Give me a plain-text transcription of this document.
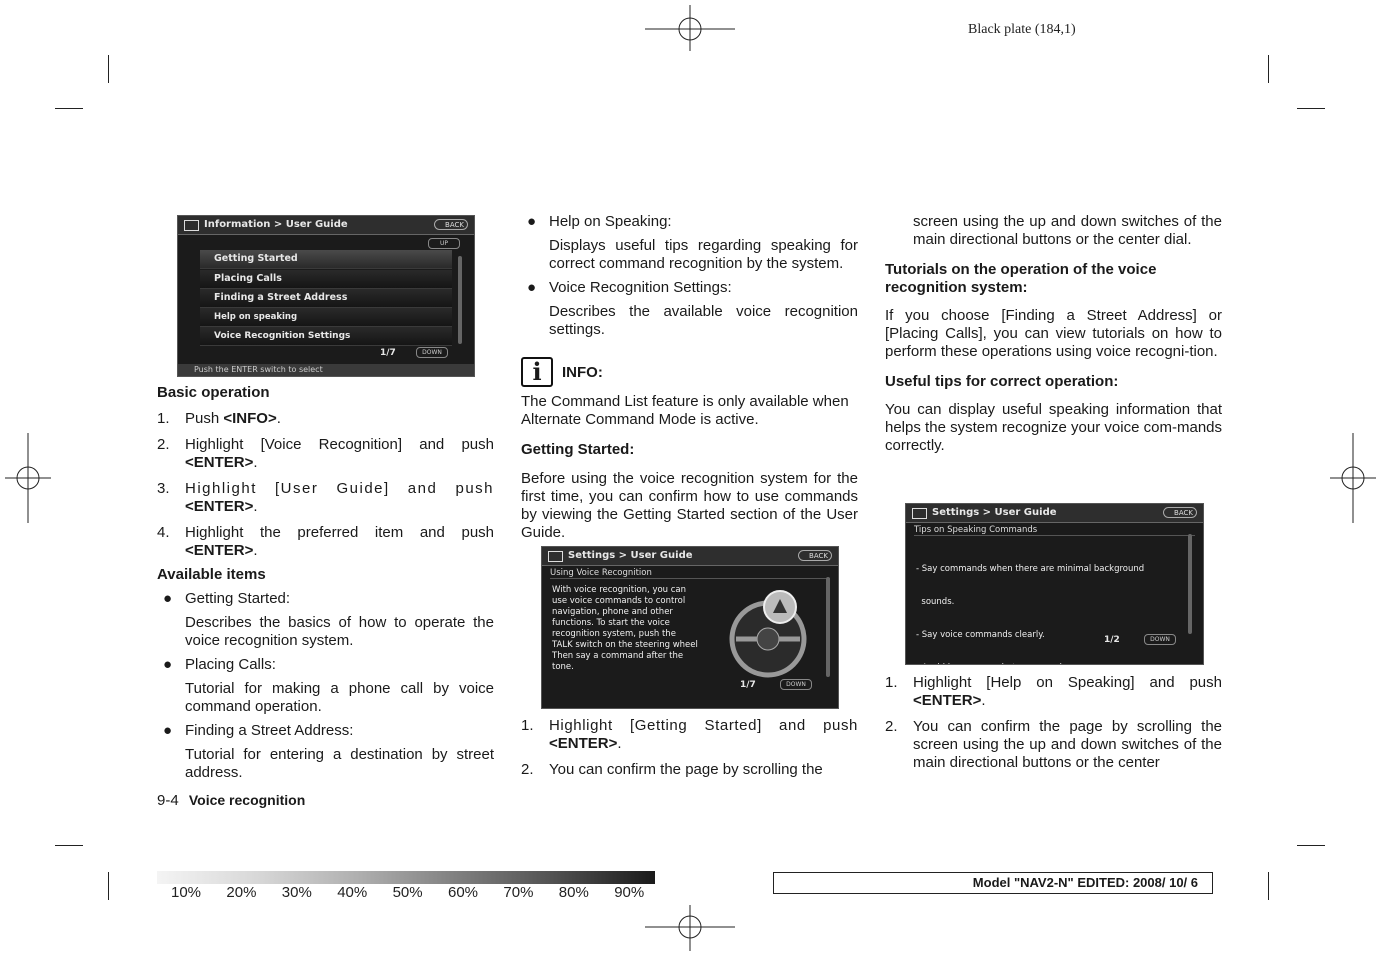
Black plate (184,1)
Information > User Guide	BACK
UP
Getting Started
Placing Calls
Finding a Street Address
Help on speaking
Voice Recognition Settings
1/7	DOWN
Push the ENTER switch to select

Basic operation

1. Push <INFO>.
2. Highlight [Voice Recognition] and push <ENTER>.
3. Highlight [User Guide] and push <ENTER>.
4. Highlight the preferred item and push <ENTER>.

Available items

● Getting Started:

Describes the basics of how to operate the voice recognition system.

● Placing Calls:

Tutorial for making a phone call by voice command operation.

● Finding a Street Address:

Tutorial for entering a destination by street address.

9-4 Voice recognition
● Help on Speaking:

Displays useful tips regarding speaking for correct command recognition by the system.

● Voice Recognition Settings:

Describes the available voice recognition settings.

i	INFO:

The Command List feature is only available when Alternate Command Mode is active.

Getting Started:

Before using the voice recognition system for the first time, you can confirm how to use commands by viewing the Getting Started section of the User Guide.

Settings > User Guide	BACK
Using Voice Recognition
With voice recognition, you can
use voice commands to control
navigation, phone and other
functions. To start the voice
recognition system, push the
TALK switch on the steering wheel
Then say a command after the
tone.
1/7	DOWN
1. Highlight [Getting Started] and push <ENTER>.
2. You can confirm the page by scrolling the

screen using the up and down switches of the main directional buttons or the center dial.

Tutorials on the operation of the voice recognition system:

If you choose [Finding a Street Address] or [Placing Calls], you can view tutorials on how to perform these operations using voice recogni-tion.

Useful tips for correct operation:

You can display useful speaking information that helps the system recognize your voice com-mands correctly.

Settings > User Guide	BACK
Tips on Speaking Commands

- Say commands when there are minimal background

sounds.

- Say voice commands clearly.

	1/2	DOWN
1. Highlight [Help on Speaking] and push <ENTER>.
2. You can confirm the page by scrolling the screen using the up and down switches of the main directional buttons or the center
10% 20% 30% 40% 50% 60% 70% 80% 90%
Model "NAV2-N" EDITED: 2008/ 10/ 6
